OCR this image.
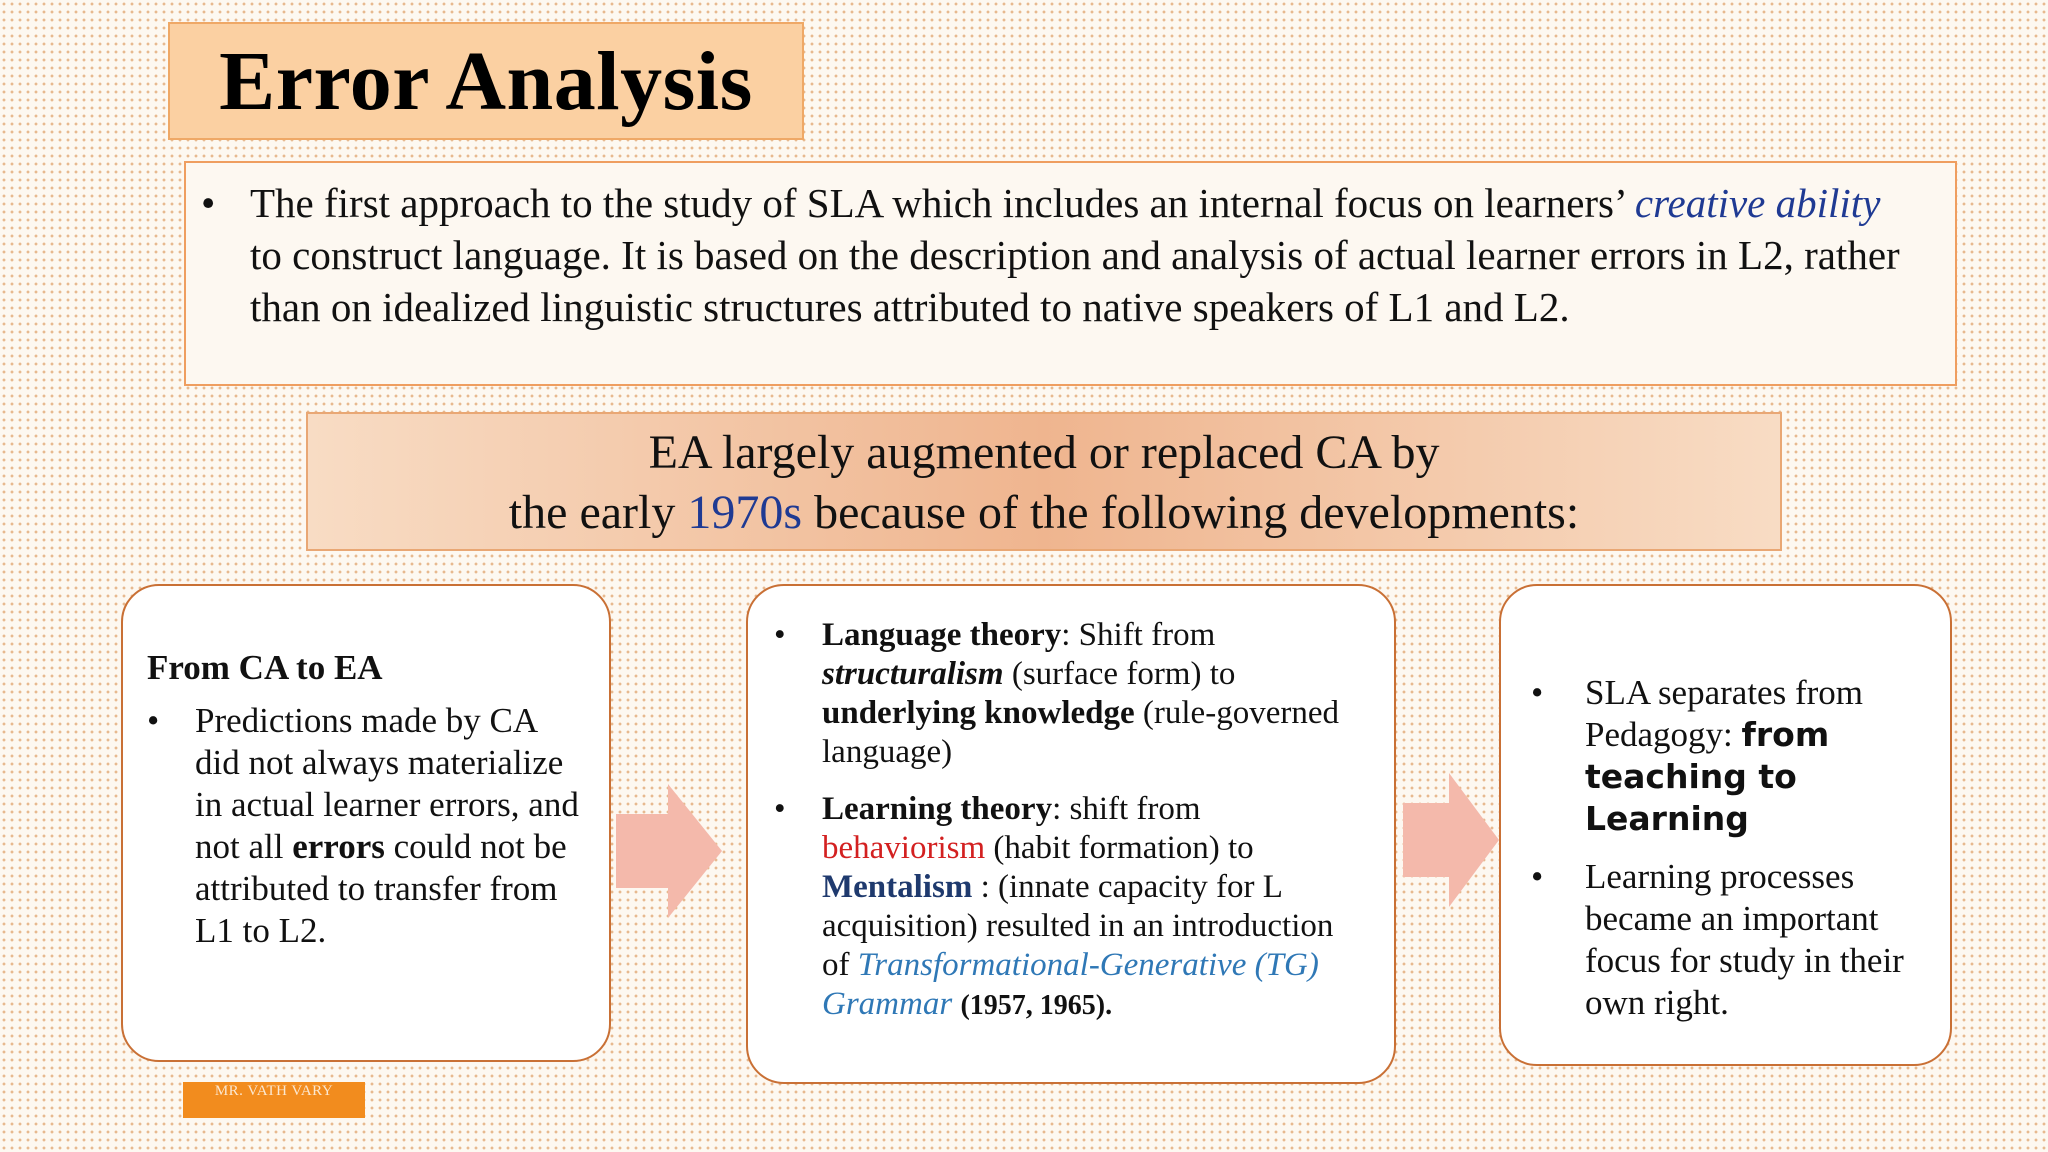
Error Analysis

• The first approach to the study of SLA which includes an internal focus on learners’ creative ability to construct language. It is based on the description and analysis of actual learner errors in L2, rather than on idealized linguistic structures attributed to native speakers of L1 and L2.

EA largely augmented or replaced CA by
the early 1970s because of the following developments:
From CA to EA
• Predictions made by CA did not always materialize in actual learner errors, and not all errors could not be attributed to transfer from L1 to L2.
• Language theory: Shift from structuralism (surface form) to underlying knowledge (rule-governed language)
• Learning theory: shift from behaviorism (habit formation) to Mentalism : (innate capacity for L acquisition) resulted in an introduction of Transformational-Generative (TG) Grammar (1957, 1965).
• SLA separates from Pedagogy: from teaching to Learning
• Learning processes became an important focus for study in their own right.
MR. VATH VARY
